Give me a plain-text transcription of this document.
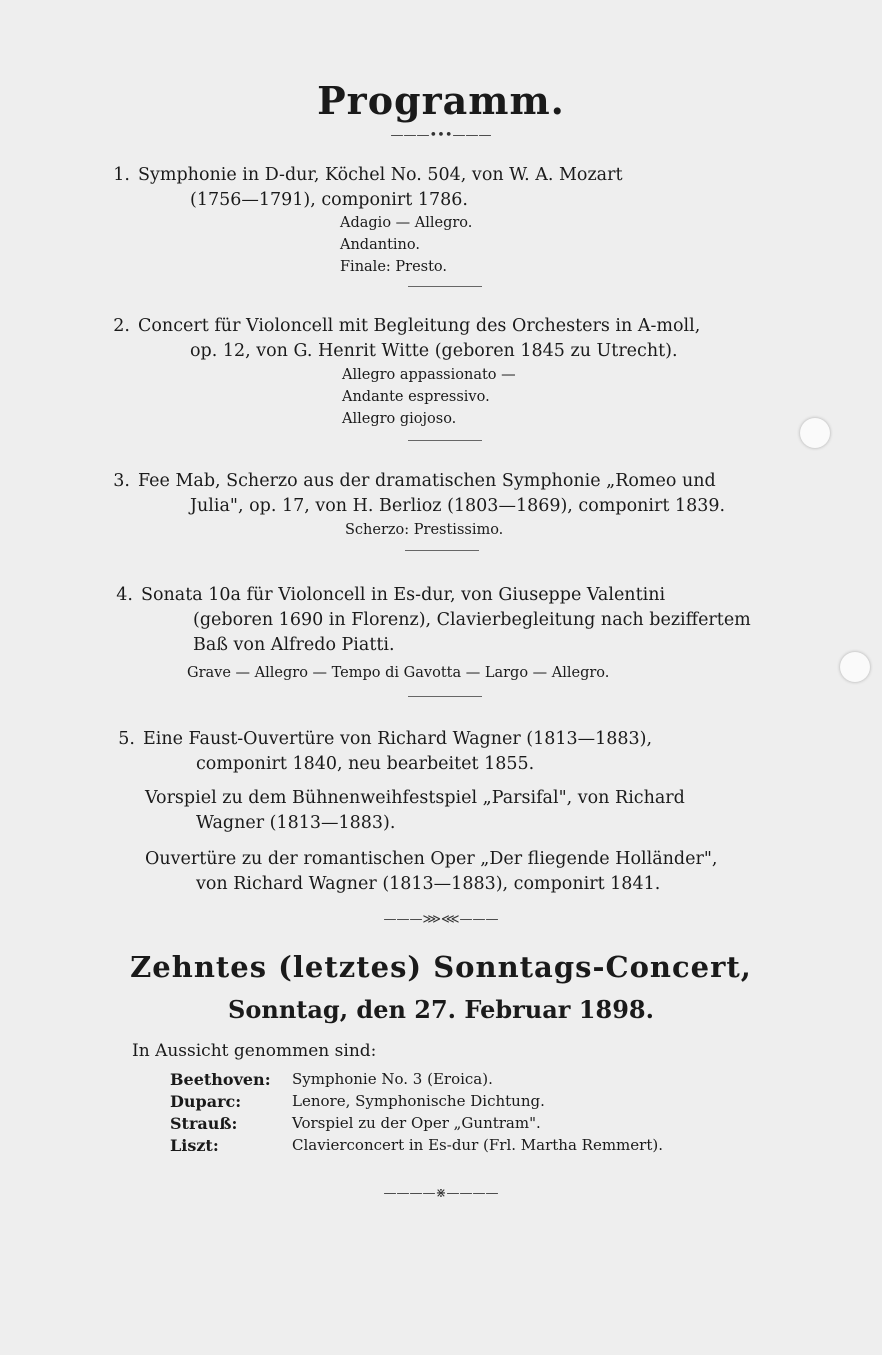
Programm.
———•••———
1. Symphonie in D-dur, Köchel No. 504, von W. A. Mozart
(1756—1791), componirt 1786.
Adagio — Allegro.
Andantino.
Finale: Presto.
2. Concert für Violoncell mit Begleitung des Orchesters in A-moll,
op. 12, von G. Henrit Witte (geboren 1845 zu Utrecht).
Allegro appassionato —
Andante espressivo.
Allegro giojoso.
3. Fee Mab, Scherzo aus der dramatischen Symphonie „Romeo und
Julia", op. 17, von H. Berlioz (1803—1869), componirt 1839.
Scherzo: Prestissimo.
4. Sonata 10a für Violoncell in Es-dur, von Giuseppe Valentini
(geboren 1690 in Florenz), Clavierbegleitung nach beziffertem
Baß von Alfredo Piatti.
Grave — Allegro — Tempo di Gavotta — Largo — Allegro.
5. Eine Faust-Ouvertüre von Richard Wagner (1813—1883),
componirt 1840, neu bearbeitet 1855.
Vorspiel zu dem Bühnenweihfestspiel „Parsifal", von Richard
Wagner (1813—1883).
Ouvertüre zu der romantischen Oper „Der fliegende Holländer",
von Richard Wagner (1813—1883), componirt 1841.
———⋙⋘———
Zehntes (letztes) Sonntags-Concert,
Sonntag, den 27. Februar 1898.
In Aussicht genommen sind:
Beethoven: Symphonie No. 3 (Eroica).
Duparc:	Lenore, Symphonische Dichtung.
Strauß:	Vorspiel zu der Oper „Guntram".
Liszt:	Clavierconcert in Es-dur (Frl. Martha Remmert).
————⋇————
